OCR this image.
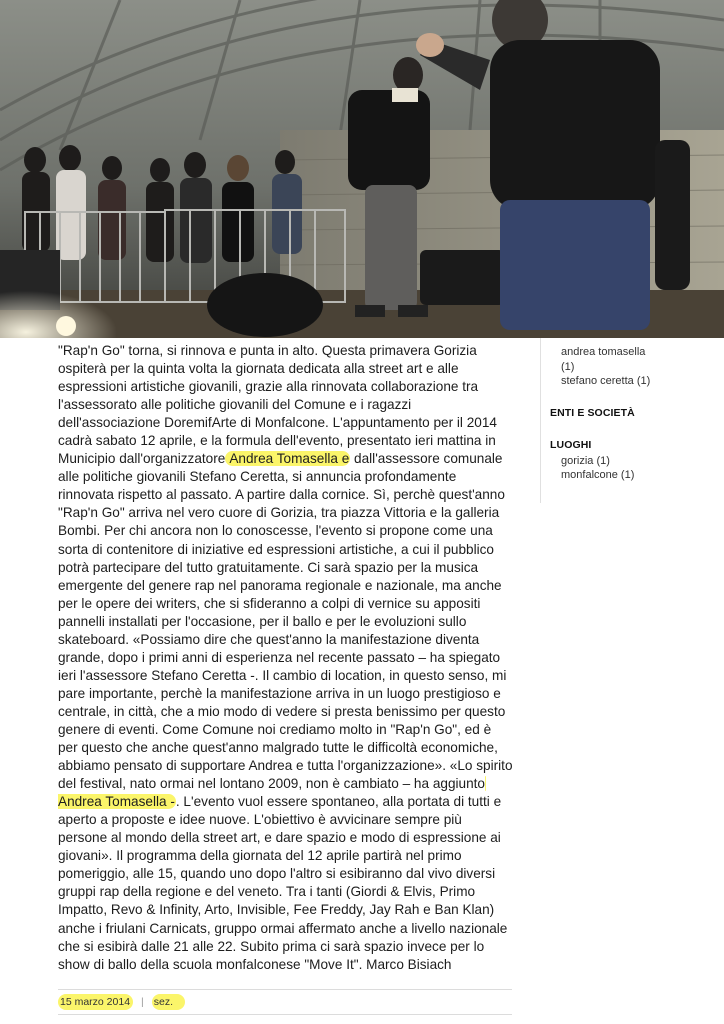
"Rap'n Go" torna, si rinnova e punta in alto. Questa primavera Gorizia ospiterà per la quinta volta la giornata dedicata alla street art e alle espressioni artistiche giovanili, grazie alla rinnovata collaborazione tra l'assessorato alle politiche giovanili del Comune e i ragazzi dell'associazione DoremifArte di Monfalcone. L'appuntamento per il 2014 cadrà sabato 12 aprile, e la formula dell'evento, presentato ieri mattina in Municipio dall'organizzatore Andrea Tomasella e dall'assessore comunale alle politiche giovanili Stefano Ceretta, si annuncia profondamente rinnovata rispetto al passato. A partire dalla cornice. Sì, perchè quest'anno "Rap'n Go" arriva nel vero cuore di Gorizia, tra piazza Vittoria e la galleria Bombi. Per chi ancora non lo conoscesse, l'evento si propone come una sorta di contenitore di iniziative ed espressioni artistiche, a cui il pubblico potrà partecipare del tutto gratuitamente. Ci sarà spazio per la musica emergente del genere rap nel panorama regionale e nazionale, ma anche per le opere dei writers, che si sfideranno a colpi di vernice su appositi pannelli installati per l'occasione, per il ballo e per le evoluzioni sullo skateboard. «Possiamo dire che quest'anno la manifestazione diventa grande, dopo i primi anni di esperienza nel recente passato – ha spiegato ieri l'assessore Stefano Ceretta -. Il cambio di location, in questo senso, mi pare importante, perchè la manifestazione arriva in un luogo prestigioso e centrale, in città, che a mio modo di vedere si presta benissimo per questo genere di eventi. Come Comune noi crediamo molto in "Rap'n Go", ed è per questo che anche quest'anno malgrado tutte le difficoltà economiche, abbiamo pensato di supportare Andrea e tutta l'organizzazione». «Lo spirito del festival, nato ormai nel lontano 2009, non è cambiato – ha aggiunto Andrea Tomasella -. L'evento vuol essere spontaneo, alla portata di tutti e aperto a proposte e idee nuove. L'obiettivo è avvicinare sempre più persone al mondo della street art, e dare spazio e modo di espressione ai giovani». Il programma della giornata del 12 aprile partirà nel primo pomeriggio, alle 15, quando uno dopo l'altro si esibiranno dal vivo diversi gruppi rap della regione e del veneto. Tra i tanti (Giordi & Elvis, Primo Impatto, Revo & Infinity, Arto, Invisible, Fee Freddy, Jay Rah e Ban Klan) anche i friulani Carnicats, gruppo ormai affermato anche a livello nazionale che si esibirà dalle 21 alle 22. Subito prima ci sarà spazio invece per lo show di ballo della scuola monfalconese "Move It". Marco Bisiach

15 marzo 2014 | sez.
andrea tomasella (1)
stefano ceretta (1)
ENTI E SOCIETÀ
LUOGHI
gorizia (1)
monfalcone (1)
